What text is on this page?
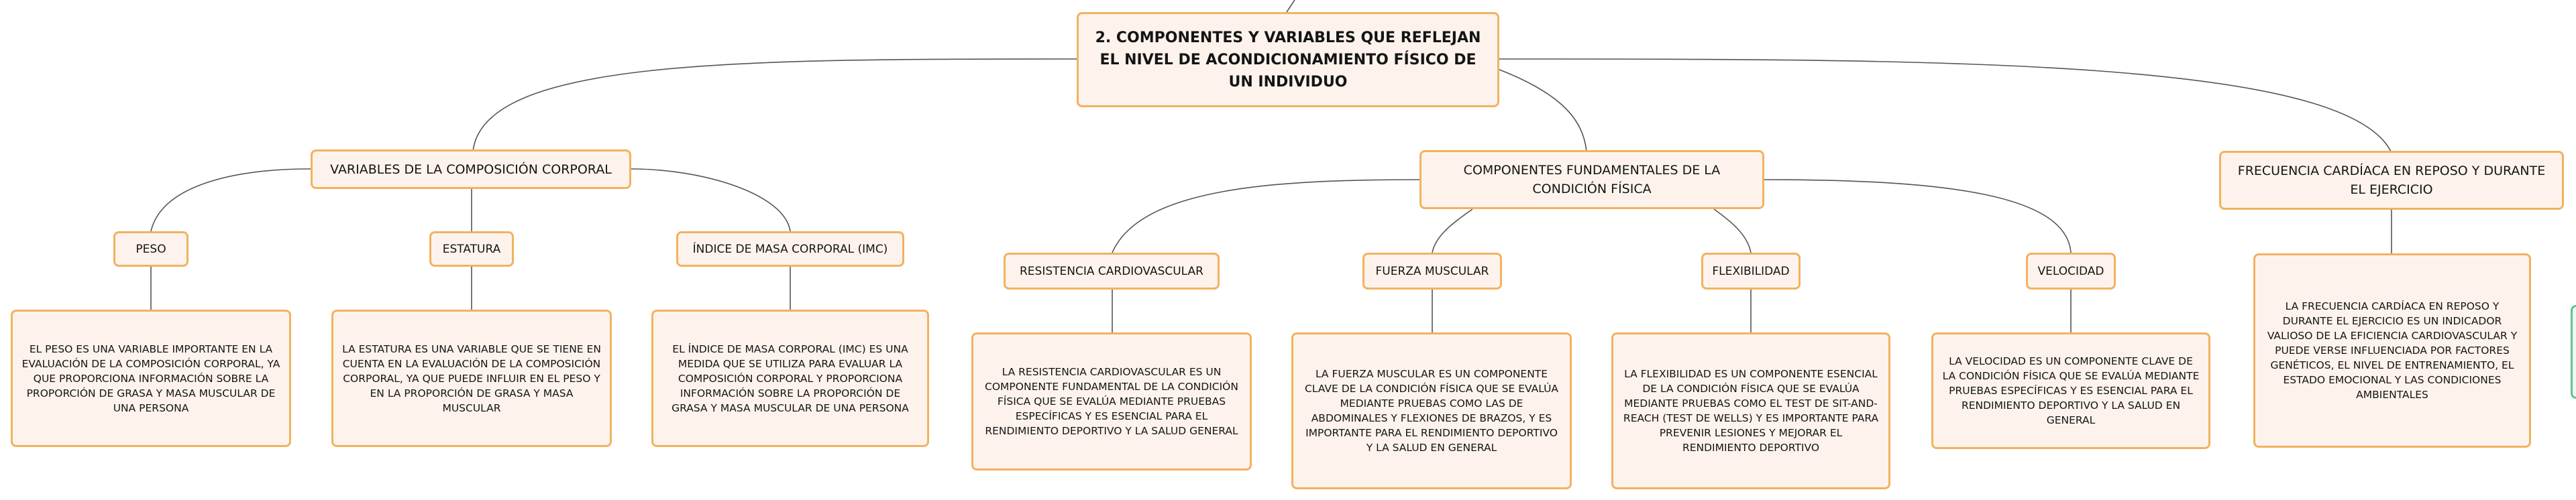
2. COMPONENTES Y VARIABLES QUE REFLEJAN EL NIVEL DE ACONDICIONAMIENTO FÍSICO DE UN INDIVIDUO
VARIABLES DE LA COMPOSICIÓN CORPORAL
PESO
EL PESO ES UNA VARIABLE IMPORTANTE EN LA EVALUACIÓN DE LA COMPOSICIÓN CORPORAL, YA QUE PROPORCIONA INFORMACIÓN SOBRE LA PROPORCIÓN DE GRASA Y MASA MUSCULAR DE UNA PERSONA
ESTATURA
LA ESTATURA ES UNA VARIABLE QUE SE TIENE EN CUENTA EN LA EVALUACIÓN DE LA COMPOSICIÓN CORPORAL, YA QUE PUEDE INFLUIR EN EL PESO Y EN LA PROPORCIÓN DE GRASA Y MASA MUSCULAR
ÍNDICE DE MASA CORPORAL (IMC)
EL ÍNDICE DE MASA CORPORAL (IMC) ES UNA MEDIDA QUE SE UTILIZA PARA EVALUAR LA COMPOSICIÓN CORPORAL Y PROPORCIONA INFORMACIÓN SOBRE LA PROPORCIÓN DE GRASA Y MASA MUSCULAR DE UNA PERSONA
COMPONENTES FUNDAMENTALES DE LA CONDICIÓN FÍSICA
RESISTENCIA CARDIOVASCULAR
LA RESISTENCIA CARDIOVASCULAR ES UN COMPONENTE FUNDAMENTAL DE LA CONDICIÓN FÍSICA QUE SE EVALÚA MEDIANTE PRUEBAS ESPECÍFICAS Y ES ESENCIAL PARA EL RENDIMIENTO DEPORTIVO Y LA SALUD GENERAL
FUERZA MUSCULAR
LA FUERZA MUSCULAR ES UN COMPONENTE CLAVE DE LA CONDICIÓN FÍSICA QUE SE EVALÚA MEDIANTE PRUEBAS COMO LAS DE ABDOMINALES Y FLEXIONES DE BRAZOS, Y ES IMPORTANTE PARA EL RENDIMIENTO DEPORTIVO Y LA SALUD EN GENERAL
FLEXIBILIDAD
LA FLEXIBILIDAD ES UN COMPONENTE ESENCIAL DE LA CONDICIÓN FÍSICA QUE SE EVALÚA MEDIANTE PRUEBAS COMO EL TEST DE SIT-AND-REACH (TEST DE WELLS) Y ES IMPORTANTE PARA PREVENIR LESIONES Y MEJORAR EL RENDIMIENTO DEPORTIVO
VELOCIDAD
LA VELOCIDAD ES UN COMPONENTE CLAVE DE LA CONDICIÓN FÍSICA QUE SE EVALÚA MEDIANTE PRUEBAS ESPECÍFICAS Y ES ESENCIAL PARA EL RENDIMIENTO DEPORTIVO Y LA SALUD EN GENERAL
FRECUENCIA CARDÍACA EN REPOSO Y DURANTE EL EJERCICIO
LA FRECUENCIA CARDÍACA EN REPOSO Y DURANTE EL EJERCICIO ES UN INDICADOR VALIOSO DE LA EFICIENCIA CARDIOVASCULAR Y PUEDE VERSE INFLUENCIADA POR FACTORES GENÉTICOS, EL NIVEL DE ENTRENAMIENTO, EL ESTADO EMOCIONAL Y LAS CONDICIONES AMBIENTALES
